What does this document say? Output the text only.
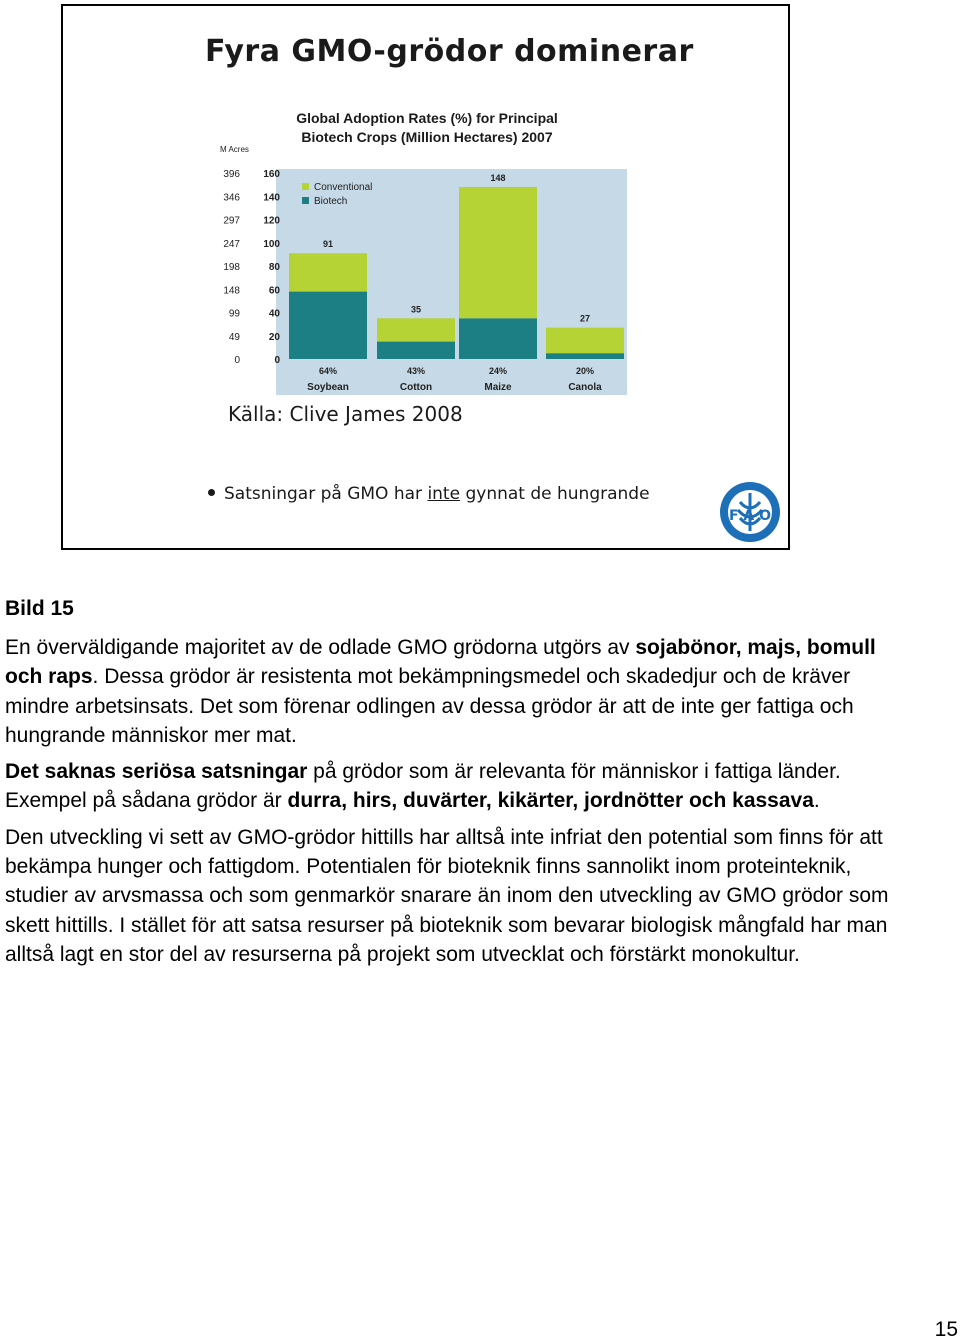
Fyra GMO-grödor dominerar
Global Adoption Rates (%) for Principal
Biotech Crops (Million Hectares) 2007
M Acres
396 160
346 140
297 120
247 100
198	80
148	60
99	40
49	20
0	0
91
64%
Soybean
35
43%
Cotton
148
24%
Maize
27
20%
Canola
Conventional
Biotech
Källa: Clive James 2008
Satsningar på GMO har inte gynnat de hungrande
F A O
Bild 15

En överväldigande majoritet av de odlade GMO grödorna utgörs av sojabönor, majs, bomull och raps. Dessa grödor är resistenta mot bekämpningsmedel och skadedjur och de kräver mindre arbetsinsats. Det som förenar odlingen av dessa grödor är att de inte ger fattiga och hungrande människor mer mat.

Det saknas seriösa satsningar på grödor som är relevanta för människor i fattiga länder. Exempel på sådana grödor är durra, hirs, duvärter, kikärter, jordnötter och kassava.

Den utveckling vi sett av GMO-grödor hittills har alltså inte infriat den potential som finns för att bekämpa hunger och fattigdom. Potentialen för bioteknik finns sannolikt inom proteinteknik, studier av arvsmassa och som genmarkör snarare än inom den utveckling av GMO grödor som skett hittills. I stället för att satsa resurser på bioteknik som bevarar biologisk mångfald har man alltså lagt en stor del av resurserna på projekt som utvecklat och förstärkt monokultur.

15
